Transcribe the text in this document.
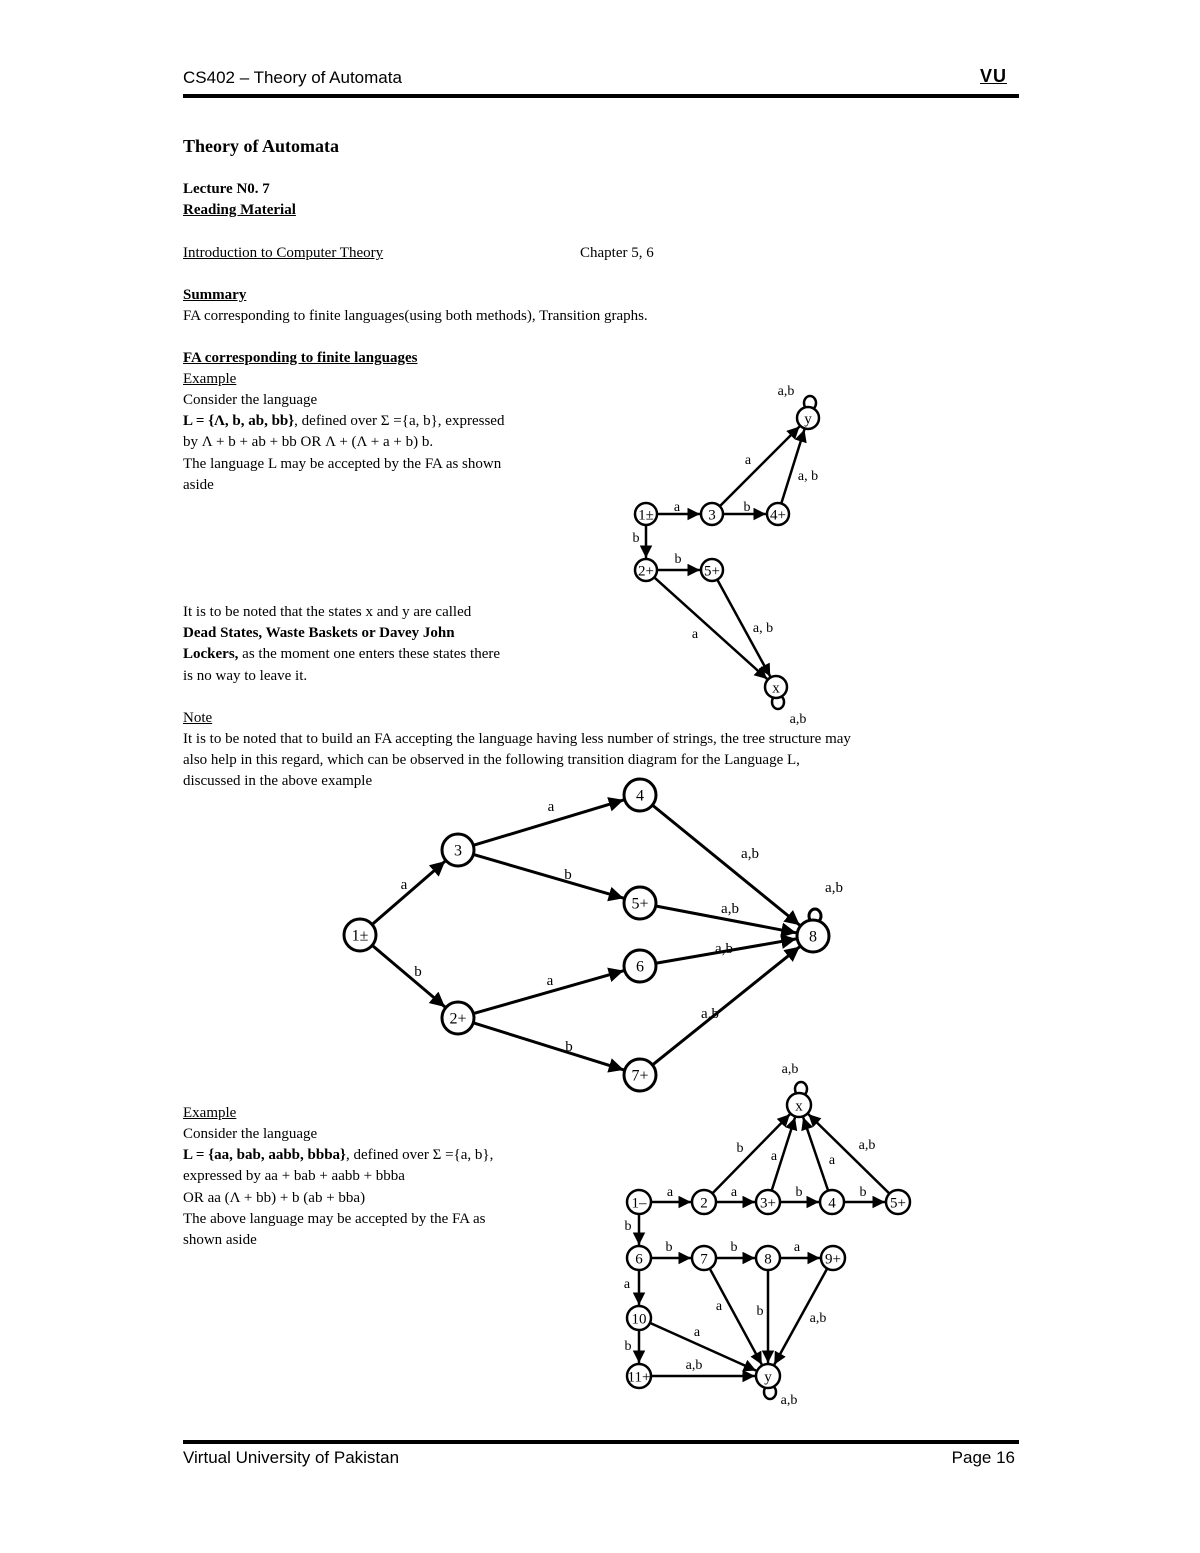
CS402 – Theory of Automata	VU
Theory of Automata
Lecture N0. 7
Reading Material
Introduction to Computer Theory	Chapter 5, 6
Summary
FA corresponding to finite languages(using both methods), Transition graphs.
FA corresponding to finite languages
Example
Consider the language
L = {Λ, b, ab, bb}, defined over Σ ={a, b}, expressed
by Λ + b + ab + bb OR Λ + (Λ + a + b) b.
The language L may be accepted by the FA as shown
aside
It is to be noted that the states x and y are called
Dead States, Waste Baskets or Davey John
Lockers, as the moment one enters these states there
is no way to leave it.
Note
It is to be noted that to build an FA accepting the language having less number of strings, the tree structure may
also help in this regard, which can be observed in the following transition diagram for the Language L,
discussed in the above example
Example
Consider the language
L = {aa, bab, aabb, bbba}, defined over Σ ={a, b},
expressed by aa + bab + aabb + bbba
OR aa (Λ + bb) + b (ab + bba)
The above language may be accepted by the FA as
shown aside
a	b
a
a, b
b
b
a	a, b
a,b
a,b
1±	3	4+
y
2+	5+
x
a
b
a
b
a
b
a,b
a,b
a,b
a,b
a,b
1±
3
2+
4
5+
6
7+
8
a	a	b	b
b
a	a
a,b
b
b	b	a
a
b
a b	a,b
a
a,b
a,b
a,b
1–	2	3+	4	5+
x
6	7	8	9+
10
11+	y
Virtual University of Pakistan	Page 16
